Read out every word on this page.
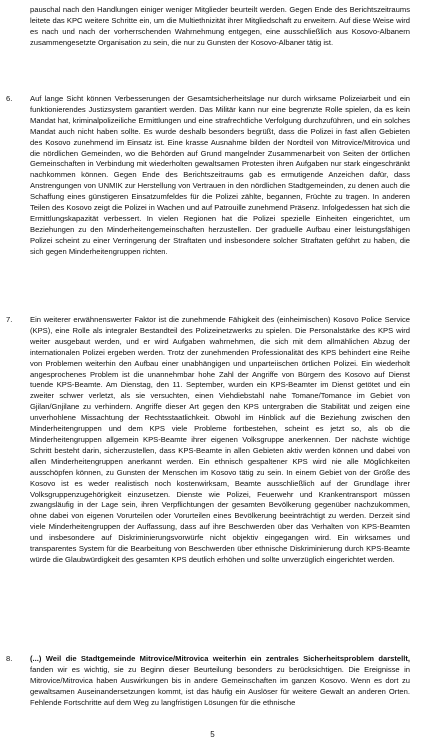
pauschal nach den Handlungen einiger weniger Mitglieder beurteilt werden. Gegen Ende des Berichtszeitraums leitete das KPC weitere Schritte ein, um die Multiethnizität ihrer Mitgliedschaft zu erweitern. Auf diese Weise wird es nach und nach der vorherrschenden Wahrnehmung entgegen, eine ausschließlich aus Kosovo-Albanern zusammengesetzte Organisation zu sein, die nur zu Gunsten der Kosovo-Albaner tätig ist.

6. Auf lange Sicht können Verbesserungen der Gesamtsicherheitslage nur durch wirksame Polizeiarbeit und ein funktionierendes Justizsystem garantiert werden. Das Militär kann nur eine begrenzte Rolle spielen, da es kein Mandat hat, kriminalpolizeiliche Ermittlungen und eine strafrechtliche Verfolgung durchzuführen, und ein solches Mandat auch nicht haben sollte. Es wurde deshalb besonders begrüßt, dass die Polizei in fast allen Gebieten des Kosovo zunehmend im Einsatz ist. Eine krasse Ausnahme bilden der Nordteil von Mitrovice/Mitrovica und die nördlichen Gemeinden, wo die Behörden auf Grund mangelnder Zusammenarbeit von Seiten der örtlichen Gemeinschaften in Verbindung mit wiederholten gewaltsamen Protesten ihren Aufgaben nur stark eingeschränkt nachkommen können. Gegen Ende des Berichtszeitraums gab es ermutigende Anzeichen dafür, dass Anstrengungen von UNMIK zur Herstellung von Vertrauen in den nördlichen Stadtgemeinden, zu denen auch die Schaffung eines günstigeren Einsatzumfeldes für die Polizei zählte, begannen, Früchte zu tragen. In anderen Teilen des Kosovo zeigt die Polizei in Wachen und auf Patrouille zunehmend Präsenz. Infolgedessen hat sich die Ermittlungskapazität verbessert. In vielen Regionen hat die Polizei spezielle Einheiten eingerichtet, um Beziehungen zu den Minderheitengemeinschaften herzustellen. Der graduelle Aufbau einer leistungsfähigen Polizei scheint zu einer Verringerung der Straftaten und insbesondere solcher Straftaten geführt zu haben, die sich gegen Minderheitengruppen richten.

7. Ein weiterer erwähnenswerter Faktor ist die zunehmende Fähigkeit des (einheimischen) Kosovo Police Service (KPS), eine Rolle als integraler Bestandteil des Polizeinetzwerks zu spielen. Die Personalstärke des KPS wird weiter ausgebaut werden, und er wird Aufgaben wahrnehmen, die sich mit dem allmählichen Abzug der internationalen Polizei ergeben werden. Trotz der zunehmenden Professionalität des KPS behindert eine Reihe von Problemen weiterhin den Aufbau einer unabhängigen und unparteiischen örtlichen Polizei. Ein wiederholt angesprochenes Problem ist die unannehmbar hohe Zahl der Angriffe von Bürgern des Kosovo auf Dienst tuende KPS-Beamte. Am Dienstag, den 11. September, wurden ein KPS-Beamter im Dienst getötet und ein zweiter schwer verletzt, als sie versuchten, einen Viehdiebstahl nahe Tomane/Tomance im Gebiet von Gjilan/Gnjilane zu verhindern. Angriffe dieser Art gegen den KPS untergraben die Stabilität und zeigen eine unverhohlene Missachtung der Rechtsstaatlichkeit. Obwohl im Hinblick auf die Beziehung zwischen den Minderheitengruppen und dem KPS viele Probleme fortbestehen, scheint es jetzt so, als ob die Minderheitengruppen allgemein KPS-Beamte ihrer eigenen Volksgruppe anerkennen. Der nächste wichtige Schritt besteht darin, sicherzustellen, dass KPS-Beamte in allen Gebieten aktiv werden können und dabei von allen Minderheitengruppen anerkannt werden. Ein ethnisch gespaltener KPS wird nie alle Möglichkeiten ausschöpfen können, zu Gunsten der Menschen im Kosovo tätig zu sein. In einem Gebiet von der Größe des Kosovo ist es weder realistisch noch kostenwirksam, Beamte ausschließlich auf der Grundlage ihrer Volksgruppenzugehörigkeit einzusetzen. Dienste wie Polizei, Feuerwehr und Krankentransport müssen zwangsläufig in der Lage sein, ihren Verpflichtungen der gesamten Bevölkerung gegenüber nachzukommen, ohne dabei von eigenen Vorurteilen oder Vorurteilen eines Bevölkerung beeinträchtigt zu werden. Derzeit sind viele Minderheitengruppen der Auffassung, dass auf ihre Beschwerden über das Verhalten von KPS-Beamten und insbesondere auf Diskriminierungsvorwürfe nicht objektiv eingegangen wird. Ein wirksames und transparentes System für die Bearbeitung von Beschwerden über ethnische Diskriminierung durch KPS-Beamte würde die Glaubwürdigkeit des gesamten KPS deutlich erhöhen und sollte unverzüglich eingerichtet werden.

8. (...) Weil die Stadtgemeinde Mitrovice/Mitrovica weiterhin ein zentrales Sicherheitsproblem darstellt, fanden wir es wichtig, sie zu Beginn dieser Beurteilung besonders zu berücksichtigen. Die Ereignisse in Mitrovice/Mitrovica haben Auswirkungen bis in andere Gemeinschaften im ganzen Kosovo. Wenn es dort zu gewaltsamen Auseinandersetzungen kommt, ist das häufig ein Auslöser für weitere Gewalt an anderen Orten. Fehlende Fortschritte auf dem Weg zu langfristigen Lösungen für die ethnische

5
